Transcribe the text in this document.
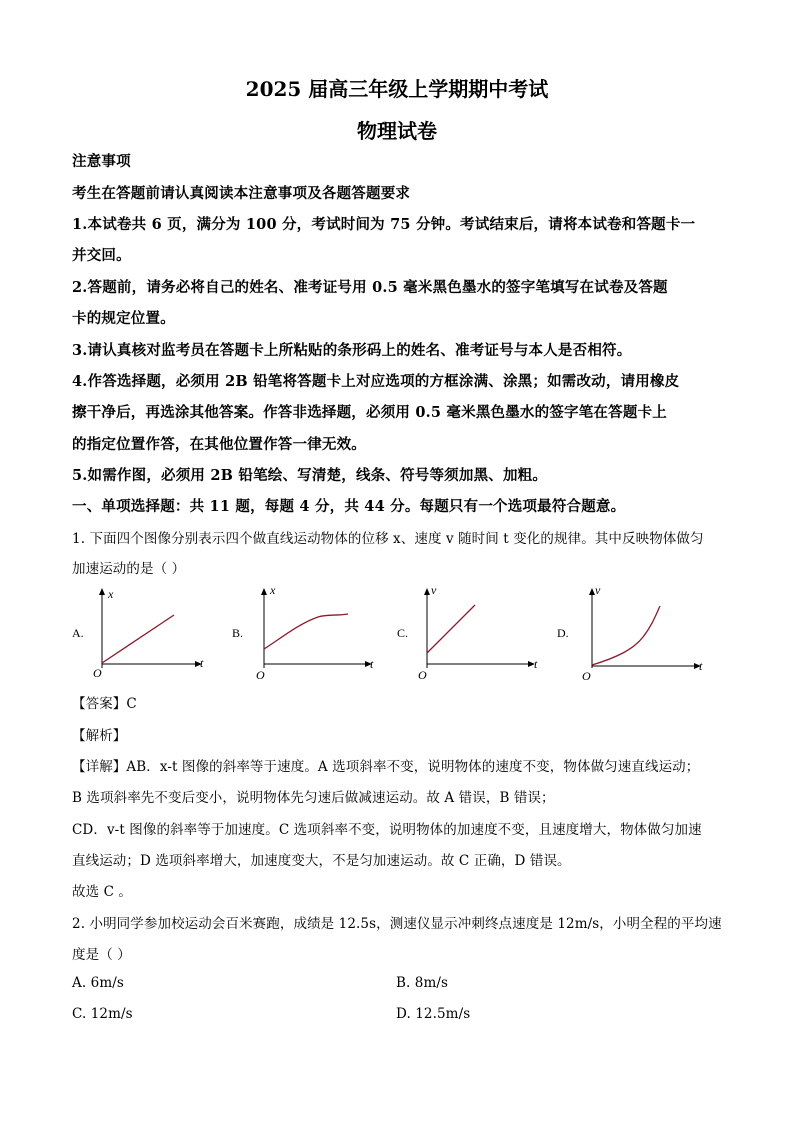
2025 届高三年级上学期期中考试
物理试卷
注意事项
考生在答题前请认真阅读本注意事项及各题答题要求
1.本试卷共 6 页，满分为 100 分，考试时间为 75 分钟。考试结束后，请将本试卷和答题卡一
并交回。
2.答题前，请务必将自己的姓名、准考证号用 0.5 毫米黑色墨水的签字笔填写在试卷及答题
卡的规定位置。
3.请认真核对监考员在答题卡上所粘贴的条形码上的姓名、准考证号与本人是否相符。
4.作答选择题，必须用 2B 铅笔将答题卡上对应选项的方框涂满、涂黑；如需改动，请用橡皮
擦干净后，再选涂其他答案。作答非选择题，必须用 0.5 毫米黑色墨水的签字笔在答题卡上
的指定位置作答，在其他位置作答一律无效。
5.如需作图，必须用 2B 铅笔绘、写清楚，线条、符号等须加黑、加粗。
一、单项选择题：共 11 题，每题 4 分，共 44 分。每题只有一个选项最符合题意。
1. 下面四个图像分别表示四个做直线运动物体的位移 x、速度 v 随时间 t 变化的规律。其中反映物体做匀
加速运动的是（ ）
A.
x
t
O
B.
x
t
O
C.
v
t
O
D.
v
t
O
【答案】C
【解析】
【详解】AB．x-t 图像的斜率等于速度。A 选项斜率不变，说明物体的速度不变，物体做匀速直线运动；
B 选项斜率先不变后变小，说明物体先匀速后做减速运动。故 A 错误，B 错误；
CD．v-t 图像的斜率等于加速度。C 选项斜率不变，说明物体的加速度不变，且速度增大，物体做匀加速
直线运动；D 选项斜率增大，加速度变大，不是匀加速运动。故 C 正确，D 错误。
故选 C 。
2. 小明同学参加校运动会百米赛跑，成绩是 12.5s，测速仪显示冲刺终点速度是 12m/s，小明全程的平均速
度是（ ）
A. 6m/s	B. 8m/s
C. 12m/s	D. 12.5m/s
